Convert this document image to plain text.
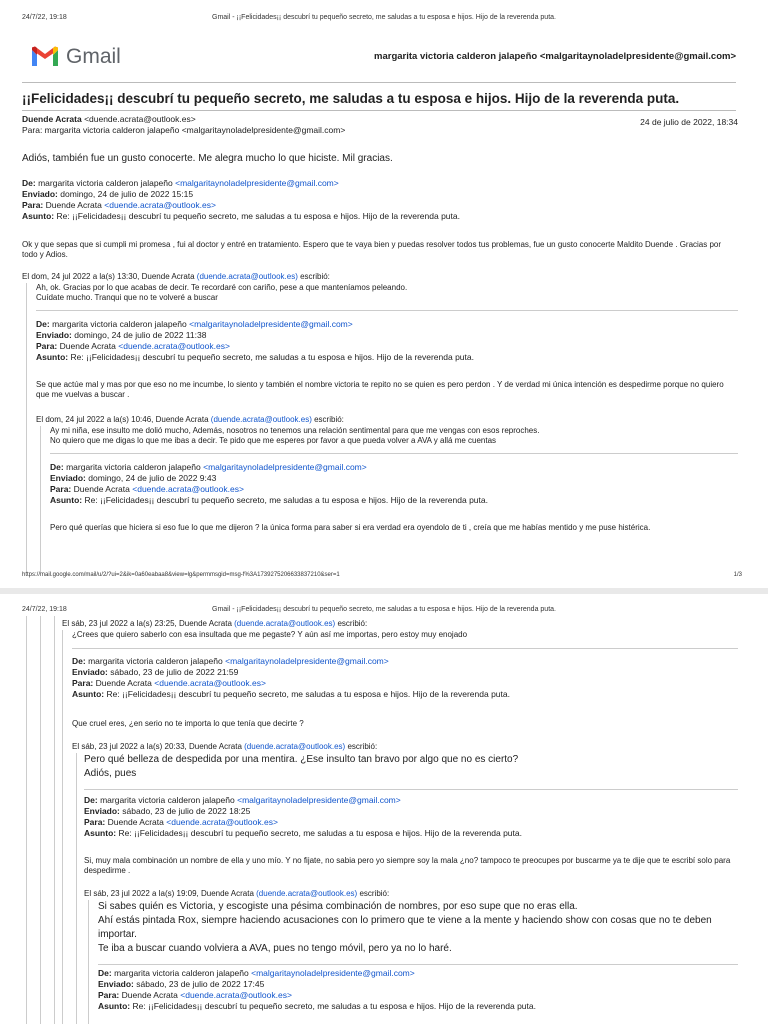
24/7/22, 19:18	Gmail - ¡¡Felicidades¡¡ descubrí tu pequeño secreto, me saludas a tu esposa e hijos. Hijo de la reverenda puta.
Gmail	margarita victoria calderon jalapeño <malgaritaynoladelpresidente@gmail.com>
¡¡Felicidades¡¡ descubrí tu pequeño secreto, me saludas a tu esposa e hijos. Hijo de la reverenda puta.
Duende Acrata <duende.acrata@outlook.es>
Para: margarita victoria calderon jalapeño <malgaritaynoladelpresidente@gmail.com>
24 de julio de 2022, 18:34
Adiós, también fue un gusto conocerte. Me alegra mucho lo que hiciste. Mil gracias.
De: margarita victoria calderon jalapeño <malgaritaynoladelpresidente@gmail.com>
Enviado: domingo, 24 de julio de 2022 15:15
Para: Duende Acrata <duende.acrata@outlook.es>
Asunto: Re: ¡¡Felicidades¡¡ descubrí tu pequeño secreto, me saludas a tu esposa e hijos. Hijo de la reverenda puta.
Ok y que sepas que si cumpli mi promesa , fui al doctor y entré en tratamiento. Espero que te vaya bien y puedas resolver todos tus problemas, fue un gusto conocerte Maldito Duende . Gracias por todo y Adios.
El dom, 24 jul 2022 a la(s) 13:30, Duende Acrata (duende.acrata@outlook.es) escribió:
Ah, ok. Gracias por lo que acabas de decir. Te recordaré con cariño, pese a que manteníamos peleando.
Cuídate mucho. Tranqui que no te volveré a buscar
De: margarita victoria calderon jalapeño <malgaritaynoladelpresidente@gmail.com>
Enviado: domingo, 24 de julio de 2022 11:38
Para: Duende Acrata <duende.acrata@outlook.es>
Asunto: Re: ¡¡Felicidades¡¡ descubrí tu pequeño secreto, me saludas a tu esposa e hijos. Hijo de la reverenda puta.
Se que actúe mal y mas por que eso no me incumbe, lo siento y también el nombre victoria te repito no se quien es pero perdon . Y de verdad mi única intención es despedirme porque no quiero que me vuelvas a buscar .
El dom, 24 jul 2022 a la(s) 10:46, Duende Acrata (duende.acrata@outlook.es) escribió:
Ay mi niña, ese insulto me dolió mucho, Además, nosotros no tenemos una relación sentimental para que me vengas con esos reproches.
No quiero que me digas lo que me ibas a decir. Te pido que me esperes por favor a que pueda volver a AVA y allá me cuentas
De: margarita victoria calderon jalapeño <malgaritaynoladelpresidente@gmail.com>
Enviado: domingo, 24 de julio de 2022 9:43
Para: Duende Acrata <duende.acrata@outlook.es>
Asunto: Re: ¡¡Felicidades¡¡ descubrí tu pequeño secreto, me saludas a tu esposa e hijos. Hijo de la reverenda puta.
Pero qué querías que hiciera si eso fue lo que me dijeron ? la única forma para saber si era verdad era oyendolo de ti , creía que me habías mentido y me puse histérica.
https://mail.google.com/mail/u/2/?ui=2&ik=0a60eabaa8&view=lg&permmsgid=msg-f%3A1739275206633837210&ser=1	1/3
24/7/22, 19:18	Gmail - ¡¡Felicidades¡¡ descubrí tu pequeño secreto, me saludas a tu esposa e hijos. Hijo de la reverenda puta.
El sáb, 23 jul 2022 a la(s) 23:25, Duende Acrata (duende.acrata@outlook.es) escribió:
¿Crees que quiero saberlo con esa insultada que me pegaste? Y aún así me importas, pero estoy muy enojado
De: margarita victoria calderon jalapeño <malgaritaynoladelpresidente@gmail.com>
Enviado: sábado, 23 de julio de 2022 21:59
Para: Duende Acrata <duende.acrata@outlook.es>
Asunto: Re: ¡¡Felicidades¡¡ descubrí tu pequeño secreto, me saludas a tu esposa e hijos. Hijo de la reverenda puta.
Que cruel eres, ¿en serio no te importa lo que tenía que decirte ?
El sáb, 23 jul 2022 a la(s) 20:33, Duende Acrata (duende.acrata@outlook.es) escribió:
Pero qué belleza de despedida por una mentira. ¿Ese insulto tan bravo por algo que no es cierto?
Adiós, pues
De: margarita victoria calderon jalapeño <malgaritaynoladelpresidente@gmail.com>
Enviado: sábado, 23 de julio de 2022 18:25
Para: Duende Acrata <duende.acrata@outlook.es>
Asunto: Re: ¡¡Felicidades¡¡ descubrí tu pequeño secreto, me saludas a tu esposa e hijos. Hijo de la reverenda puta.
Si, muy mala combinación un nombre de ella y uno mío. Y no fijate, no sabia pero yo siempre soy la mala ¿no? tampoco te preocupes por buscarme ya te dije que te escribí solo para despedirme .
El sáb, 23 jul 2022 a la(s) 19:09, Duende Acrata (duende.acrata@outlook.es) escribió:
Si sabes quién es Victoria, y escogiste una pésima combinación de nombres, por eso supe que no eras ella.
Ahí estás pintada Rox, siempre haciendo acusaciones con lo primero que te viene a la mente y haciendo show con cosas que no te deben importar.
Te iba a buscar cuando volviera a AVA, pues no tengo móvil, pero ya no lo haré.
De: margarita victoria calderon jalapeño <malgaritaynoladelpresidente@gmail.com>
Enviado: sábado, 23 de julio de 2022 17:45
Para: Duende Acrata <duende.acrata@outlook.es>
Asunto: Re: ¡¡Felicidades¡¡ descubrí tu pequeño secreto, me saludas a tu esposa e hijos. Hijo de la reverenda puta.
